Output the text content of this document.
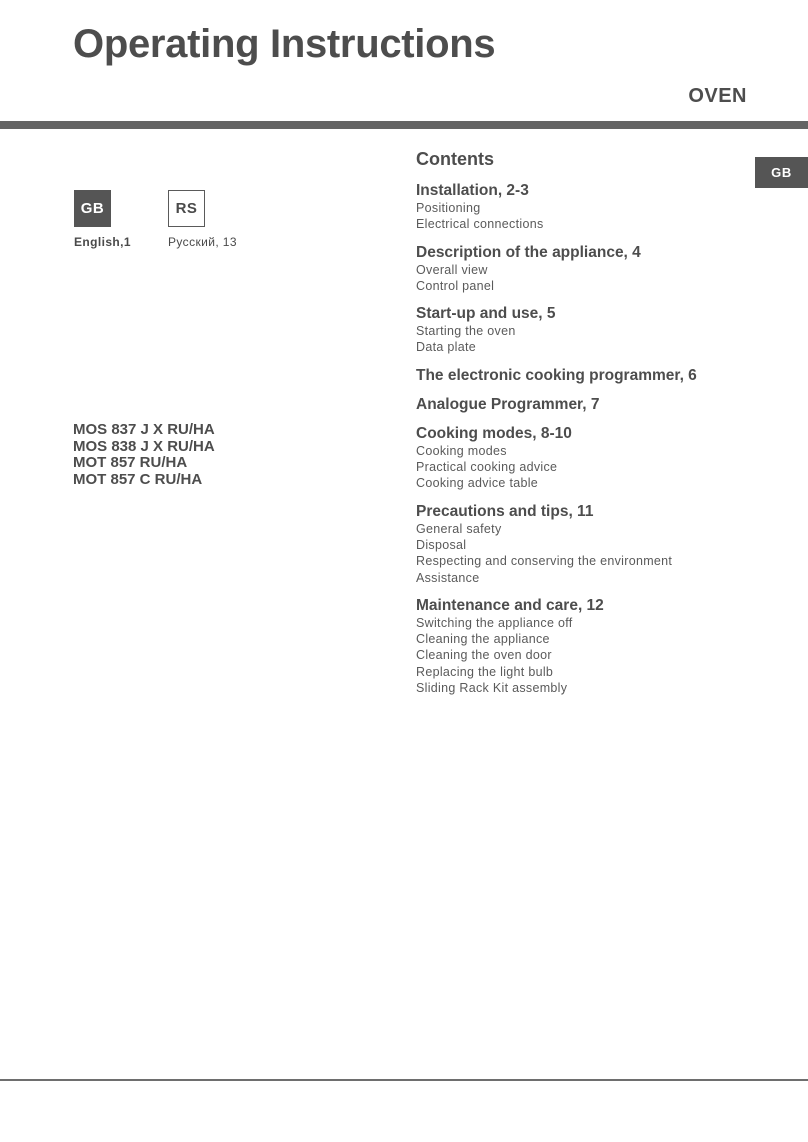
Operating Instructions
OVEN
GB	RS
English,1	Русский, 13
MOS 837 J X RU/HA
MOS 838 J X RU/HA
MOT 857 RU/HA
MOT 857 C RU/HA
GB
Contents
Installation, 2-3
Positioning
Electrical connections
Description of the appliance, 4
Overall view
Control panel
Start-up and use, 5
Starting the oven
Data plate
The electronic cooking programmer, 6
Analogue Programmer, 7
Cooking modes, 8-10
Cooking modes
Practical cooking advice
Cooking advice table
Precautions and tips, 11
General safety
Disposal
Respecting and conserving the environment
Assistance
Maintenance and care, 12
Switching the appliance off
Cleaning the appliance
Cleaning the oven door
Replacing the light bulb
Sliding Rack Kit assembly
